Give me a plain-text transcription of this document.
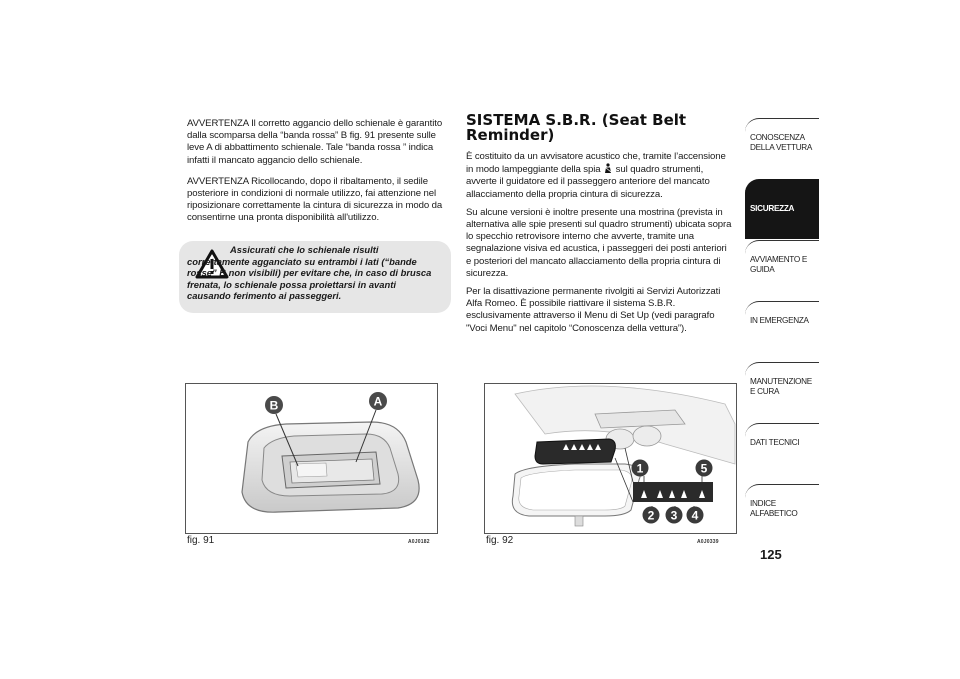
AVVERTENZA Il corretto aggancio dello schienale è garantito dalla scomparsa della “banda rossa” B fig. 91 presente sulle leve A di abbattimento schienale. Tale “banda rossa ” indica infatti il mancato aggancio dello schienale.

AVVERTENZA Ricollocando, dopo il ribaltamento, il sedile posteriore in condizioni di normale utilizzo, fai attenzione nel riposizionare correttamente la cintura di sicurezza in modo da consentirne una pronta disponibilità all'utilizzo.

Assicurati che lo schienale risulti correttamente agganciato su entrambi i lati (“bande rosse” B non visibili) per evitare che, in caso di brusca frenata, lo schienale possa proiettarsi in avanti causando ferimento ai passeggeri.
SISTEMA S.B.R. (Seat Belt Reminder)

È costituito da un avvisatore acustico che, tramite l’accensione in modo lampeggiante della spia sul quadro strumenti, avverte il guidatore ed il passeggero anteriore del mancato allacciamento della propria cintura di sicurezza.

Su alcune versioni è inoltre presente una mostrina (prevista in alternativa alle spie presenti sul quadro strumenti) ubicata sopra lo specchio retrovisore interno che avverte, tramite una segnalazione visiva ed acustica, i passeggeri dei posti anteriori e posteriori del mancato allacciamento della propria cintura di sicurezza.

Per la disattivazione permanente rivolgiti ai Servizi Autorizzati Alfa Romeo. È possibile riattivare il sistema S.B.R. esclusivamente attraverso il Menu di Set Up (vedi paragrafo "Voci Menu" nel capitolo “Conoscenza della vettura”).

B	A
fig. 91	A0J0182
1	5
2 3 4
fig. 92	A0J0339
CONOSCENZA DELLA VETTURA
SICUREZZA
AVVIAMENTO E GUIDA
IN EMERGENZA
MANUTENZIONE E CURA
DATI TECNICI
INDICE ALFABETICO
125
